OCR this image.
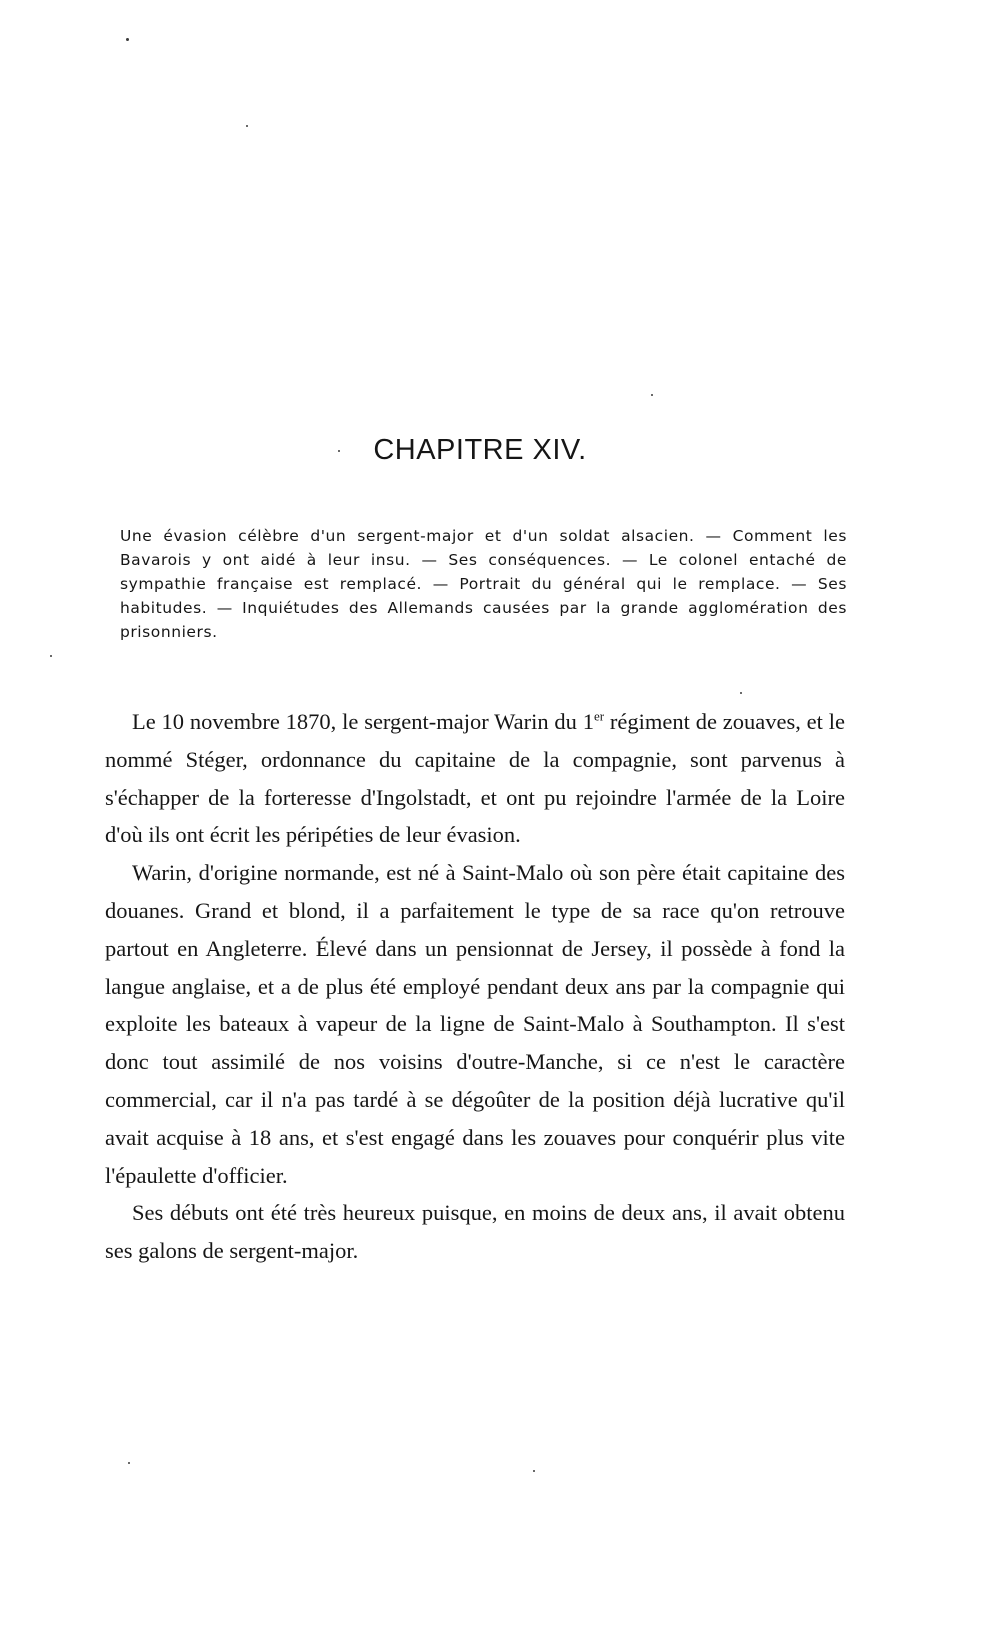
CHAPITRE XIV.
Une évasion célèbre d'un sergent-major et d'un soldat alsacien. — Comment les Bavarois y ont aidé à leur insu. — Ses conséquences. — Le colonel entaché de sympathie française est remplacé. — Portrait du général qui le remplace. — Ses habitudes. — Inquiétudes des Allemands causées par la grande agglomération des prisonniers.

Le 10 novembre 1870, le sergent-major Warin du 1er régiment de zouaves, et le nommé Stéger, ordonnance du capitaine de la compagnie, sont parvenus à s'échapper de la forteresse d'Ingolstadt, et ont pu rejoindre l'armée de la Loire d'où ils ont écrit les péripéties de leur évasion.

Warin, d'origine normande, est né à Saint-Malo où son père était capitaine des douanes. Grand et blond, il a parfaitement le type de sa race qu'on retrouve partout en Angleterre. Élevé dans un pensionnat de Jersey, il possède à fond la langue anglaise, et a de plus été employé pendant deux ans par la compagnie qui exploite les bateaux à vapeur de la ligne de Saint-Malo à Southampton. Il s'est donc tout assimilé de nos voisins d'outre-Manche, si ce n'est le caractère commercial, car il n'a pas tardé à se dégoûter de la position déjà lucrative qu'il avait acquise à 18 ans, et s'est engagé dans les zouaves pour conquérir plus vite l'épaulette d'officier.

Ses débuts ont été très heureux puisque, en moins de deux ans, il avait obtenu ses galons de sergent-major.
